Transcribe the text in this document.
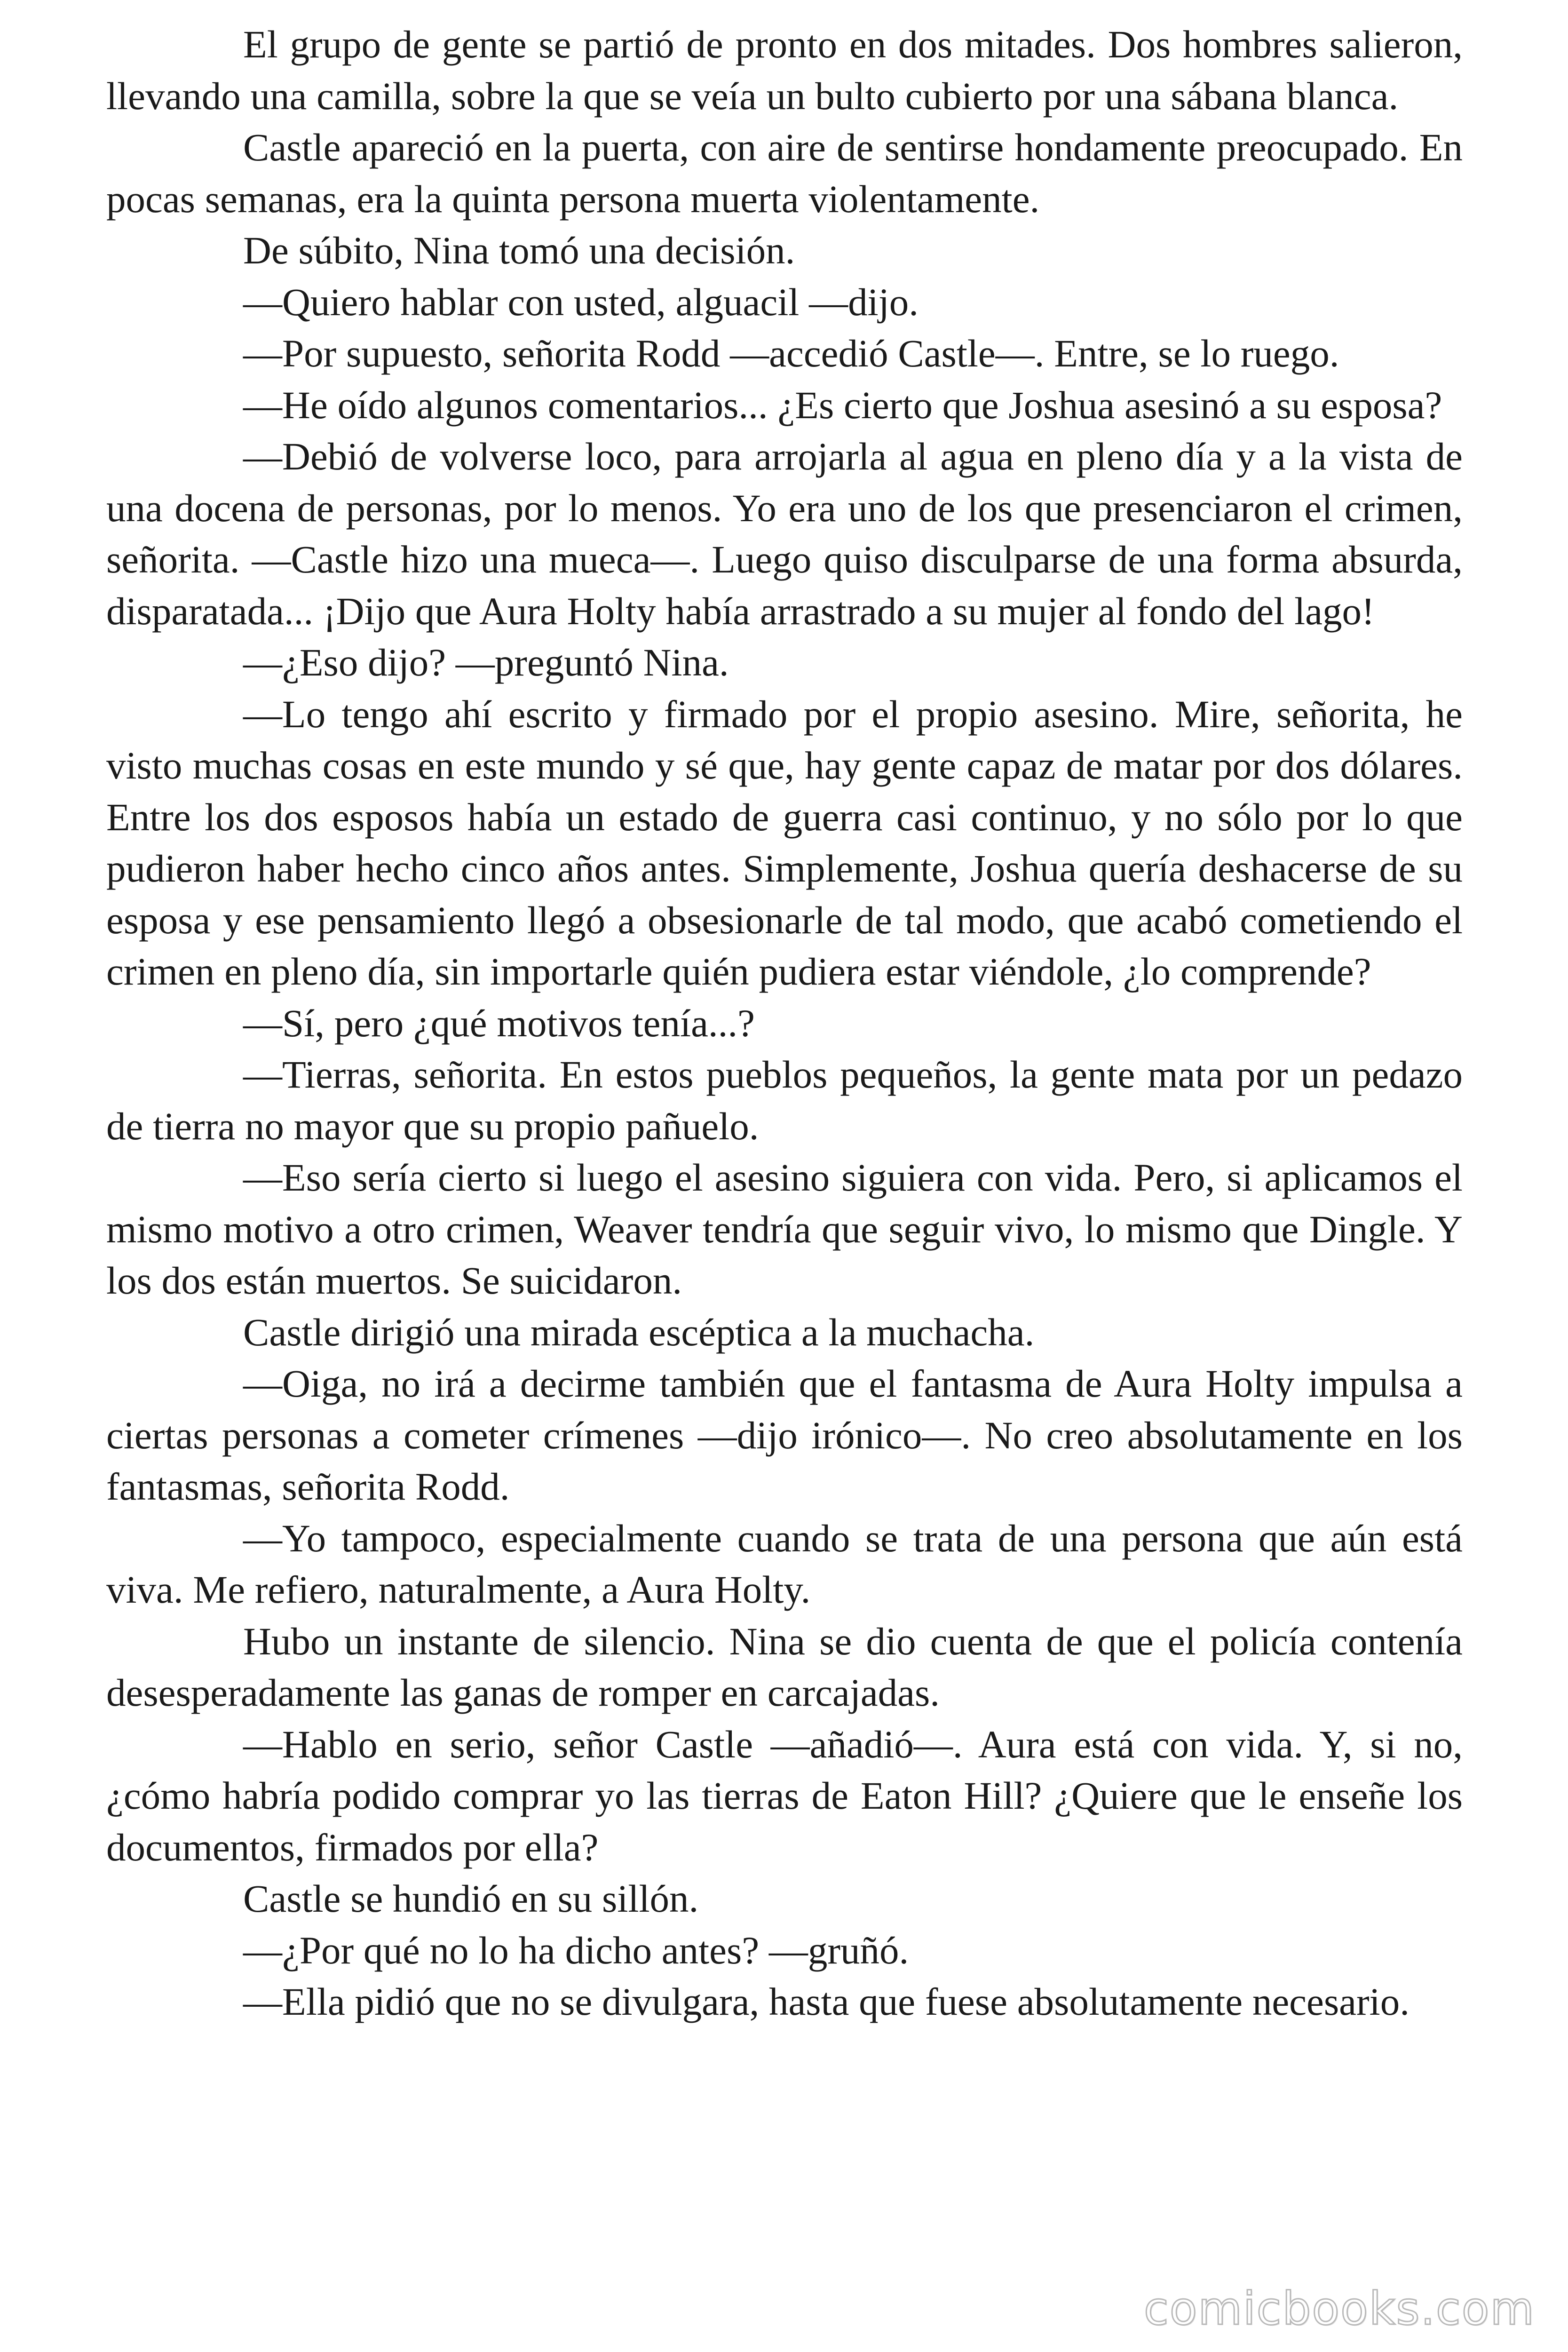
El grupo de gente se partió de pronto en dos mitades. Dos hombres salieron, llevando una camilla, sobre la que se veía un bulto cubierto por una sábana blanca.

Castle apareció en la puerta, con aire de sentirse hondamente preocupado. En pocas semanas, era la quinta persona muerta violentamente.

De súbito, Nina tomó una decisión.

—Quiero hablar con usted, alguacil —dijo.

—Por supuesto, señorita Rodd —accedió Castle—. Entre, se lo ruego.

—He oído algunos comentarios... ¿Es cierto que Joshua asesinó a su esposa?

—Debió de volverse loco, para arrojarla al agua en pleno día y a la vista de una docena de personas, por lo menos. Yo era uno de los que presenciaron el crimen, señorita. —Castle hizo una mueca—. Luego quiso disculparse de una forma absurda, disparatada... ¡Dijo que Aura Holty había arrastrado a su mujer al fondo del lago!

—¿Eso dijo? —preguntó Nina.

—Lo tengo ahí escrito y firmado por el propio asesino. Mire, señorita, he visto muchas cosas en este mundo y sé que, hay gente capaz de matar por dos dólares. Entre los dos esposos había un estado de guerra casi continuo, y no sólo por lo que pudieron haber hecho cinco años antes. Simplemente, Joshua quería deshacerse de su esposa y ese pensamiento llegó a obsesionarle de tal modo, que acabó cometiendo el crimen en pleno día, sin importarle quién pudiera estar viéndole, ¿lo comprende?

—Sí, pero ¿qué motivos tenía...?

—Tierras, señorita. En estos pueblos pequeños, la gente mata por un pedazo de tierra no mayor que su propio pañuelo.

—Eso sería cierto si luego el asesino siguiera con vida. Pero, si aplicamos el mismo motivo a otro crimen, Weaver tendría que seguir vivo, lo mismo que Dingle. Y los dos están muertos. Se suicidaron.

Castle dirigió una mirada escéptica a la muchacha.

—Oiga, no irá a decirme también que el fantasma de Aura Holty impulsa a ciertas personas a cometer crímenes —dijo irónico—. No creo absolutamente en los fantasmas, señorita Rodd.

—Yo tampoco, especialmente cuando se trata de una persona que aún está viva. Me refiero, naturalmente, a Aura Holty.

Hubo un instante de silencio. Nina se dio cuenta de que el policía contenía desesperadamente las ganas de romper en carcajadas.

—Hablo en serio, señor Castle —añadió—. Aura está con vida. Y, si no, ¿cómo habría podido comprar yo las tierras de Eaton Hill? ¿Quiere que le enseñe los documentos, firmados por ella?

Castle se hundió en su sillón.

—¿Por qué no lo ha dicho antes? —gruñó.

—Ella pidió que no se divulgara, hasta que fuese absolutamente necesario.

comicbooks.com
